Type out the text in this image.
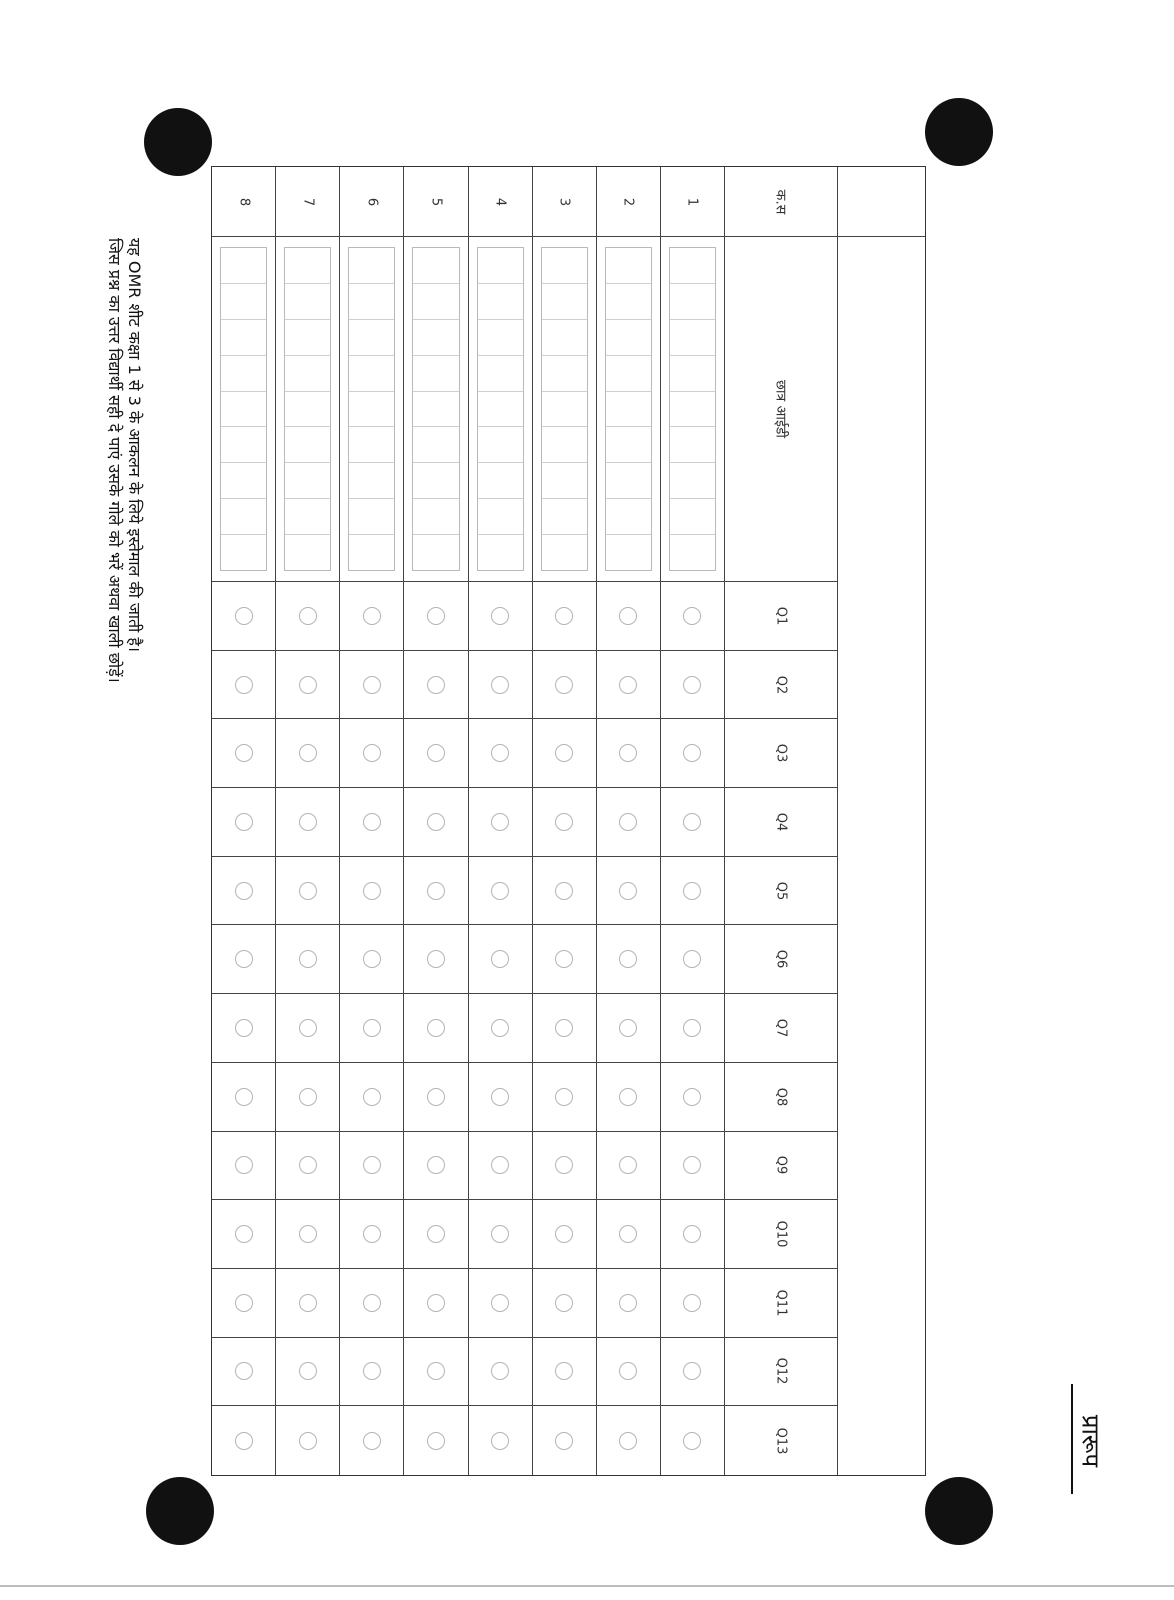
8	7	6	5	4	3	2	1	क.स
छात्र आईडी
Q1
Q2
Q3
Q4
Q5
Q6
Q7
Q8
Q9
Q10
Q11
Q12
Q13
यह OMR शीट कक्षा 1 से 3 के आकलन के लिये इस्तेमाल की जाती है।
जिस प्रश्न का उत्तर विद्यार्थी सही दे पाएं उसके गोले को भरें अथवा खाली छोड़ें।
प्रारूप
